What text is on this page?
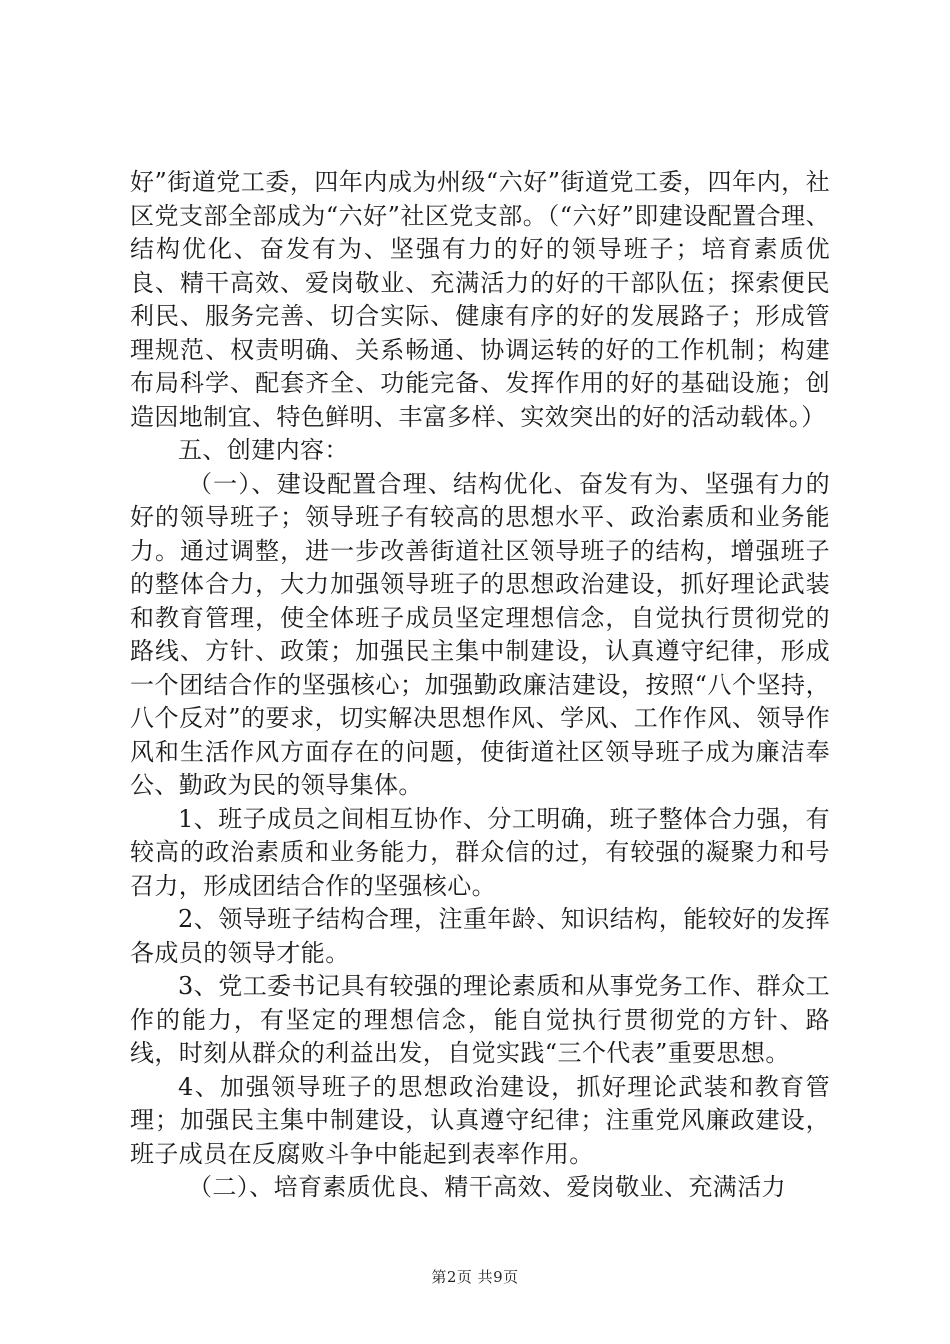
好”街道党工委，四年内成为州级“六好”街道党工委，四年内，社区党支部全部成为“六好”社区党支部。（“六好”即建设配置合理、结构优化、奋发有为、坚强有力的好的领导班子；培育素质优良、精干高效、爱岗敬业、充满活力的好的干部队伍；探索便民利民、服务完善、切合实际、健康有序的好的发展路子；形成管理规范、权责明确、关系畅通、协调运转的好的工作机制；构建布局科学、配套齐全、功能完备、发挥作用的好的基础设施；创造因地制宜、特色鲜明、丰富多样、实效突出的好的活动载体。）

五、创建内容：

（一）、建设配置合理、结构优化、奋发有为、坚强有力的好的领导班子；领导班子有较高的思想水平、政治素质和业务能力。通过调整，进一步改善街道社区领导班子的结构，增强班子的整体合力，大力加强领导班子的思想政治建设，抓好理论武装和教育管理，使全体班子成员坚定理想信念，自觉执行贯彻党的路线、方针、政策；加强民主集中制建设，认真遵守纪律，形成一个团结合作的坚强核心；加强勤政廉洁建设，按照“八个坚持，八个反对”的要求，切实解决思想作风、学风、工作作风、领导作风和生活作风方面存在的问题，使街道社区领导班子成为廉洁奉公、勤政为民的领导集体。

1、班子成员之间相互协作、分工明确，班子整体合力强，有较高的政治素质和业务能力，群众信的过，有较强的凝聚力和号召力，形成团结合作的坚强核心。

2、领导班子结构合理，注重年龄、知识结构，能较好的发挥各成员的领导才能。

3、党工委书记具有较强的理论素质和从事党务工作、群众工作的能力，有坚定的理想信念，能自觉执行贯彻党的方针、路线，时刻从群众的利益出发，自觉实践“三个代表”重要思想。

4、加强领导班子的思想政治建设，抓好理论武装和教育管理；加强民主集中制建设，认真遵守纪律；注重党风廉政建设，班子成员在反腐败斗争中能起到表率作用。

（二）、培育素质优良、精干高效、爱岗敬业、充满活力

第2页 共9页
